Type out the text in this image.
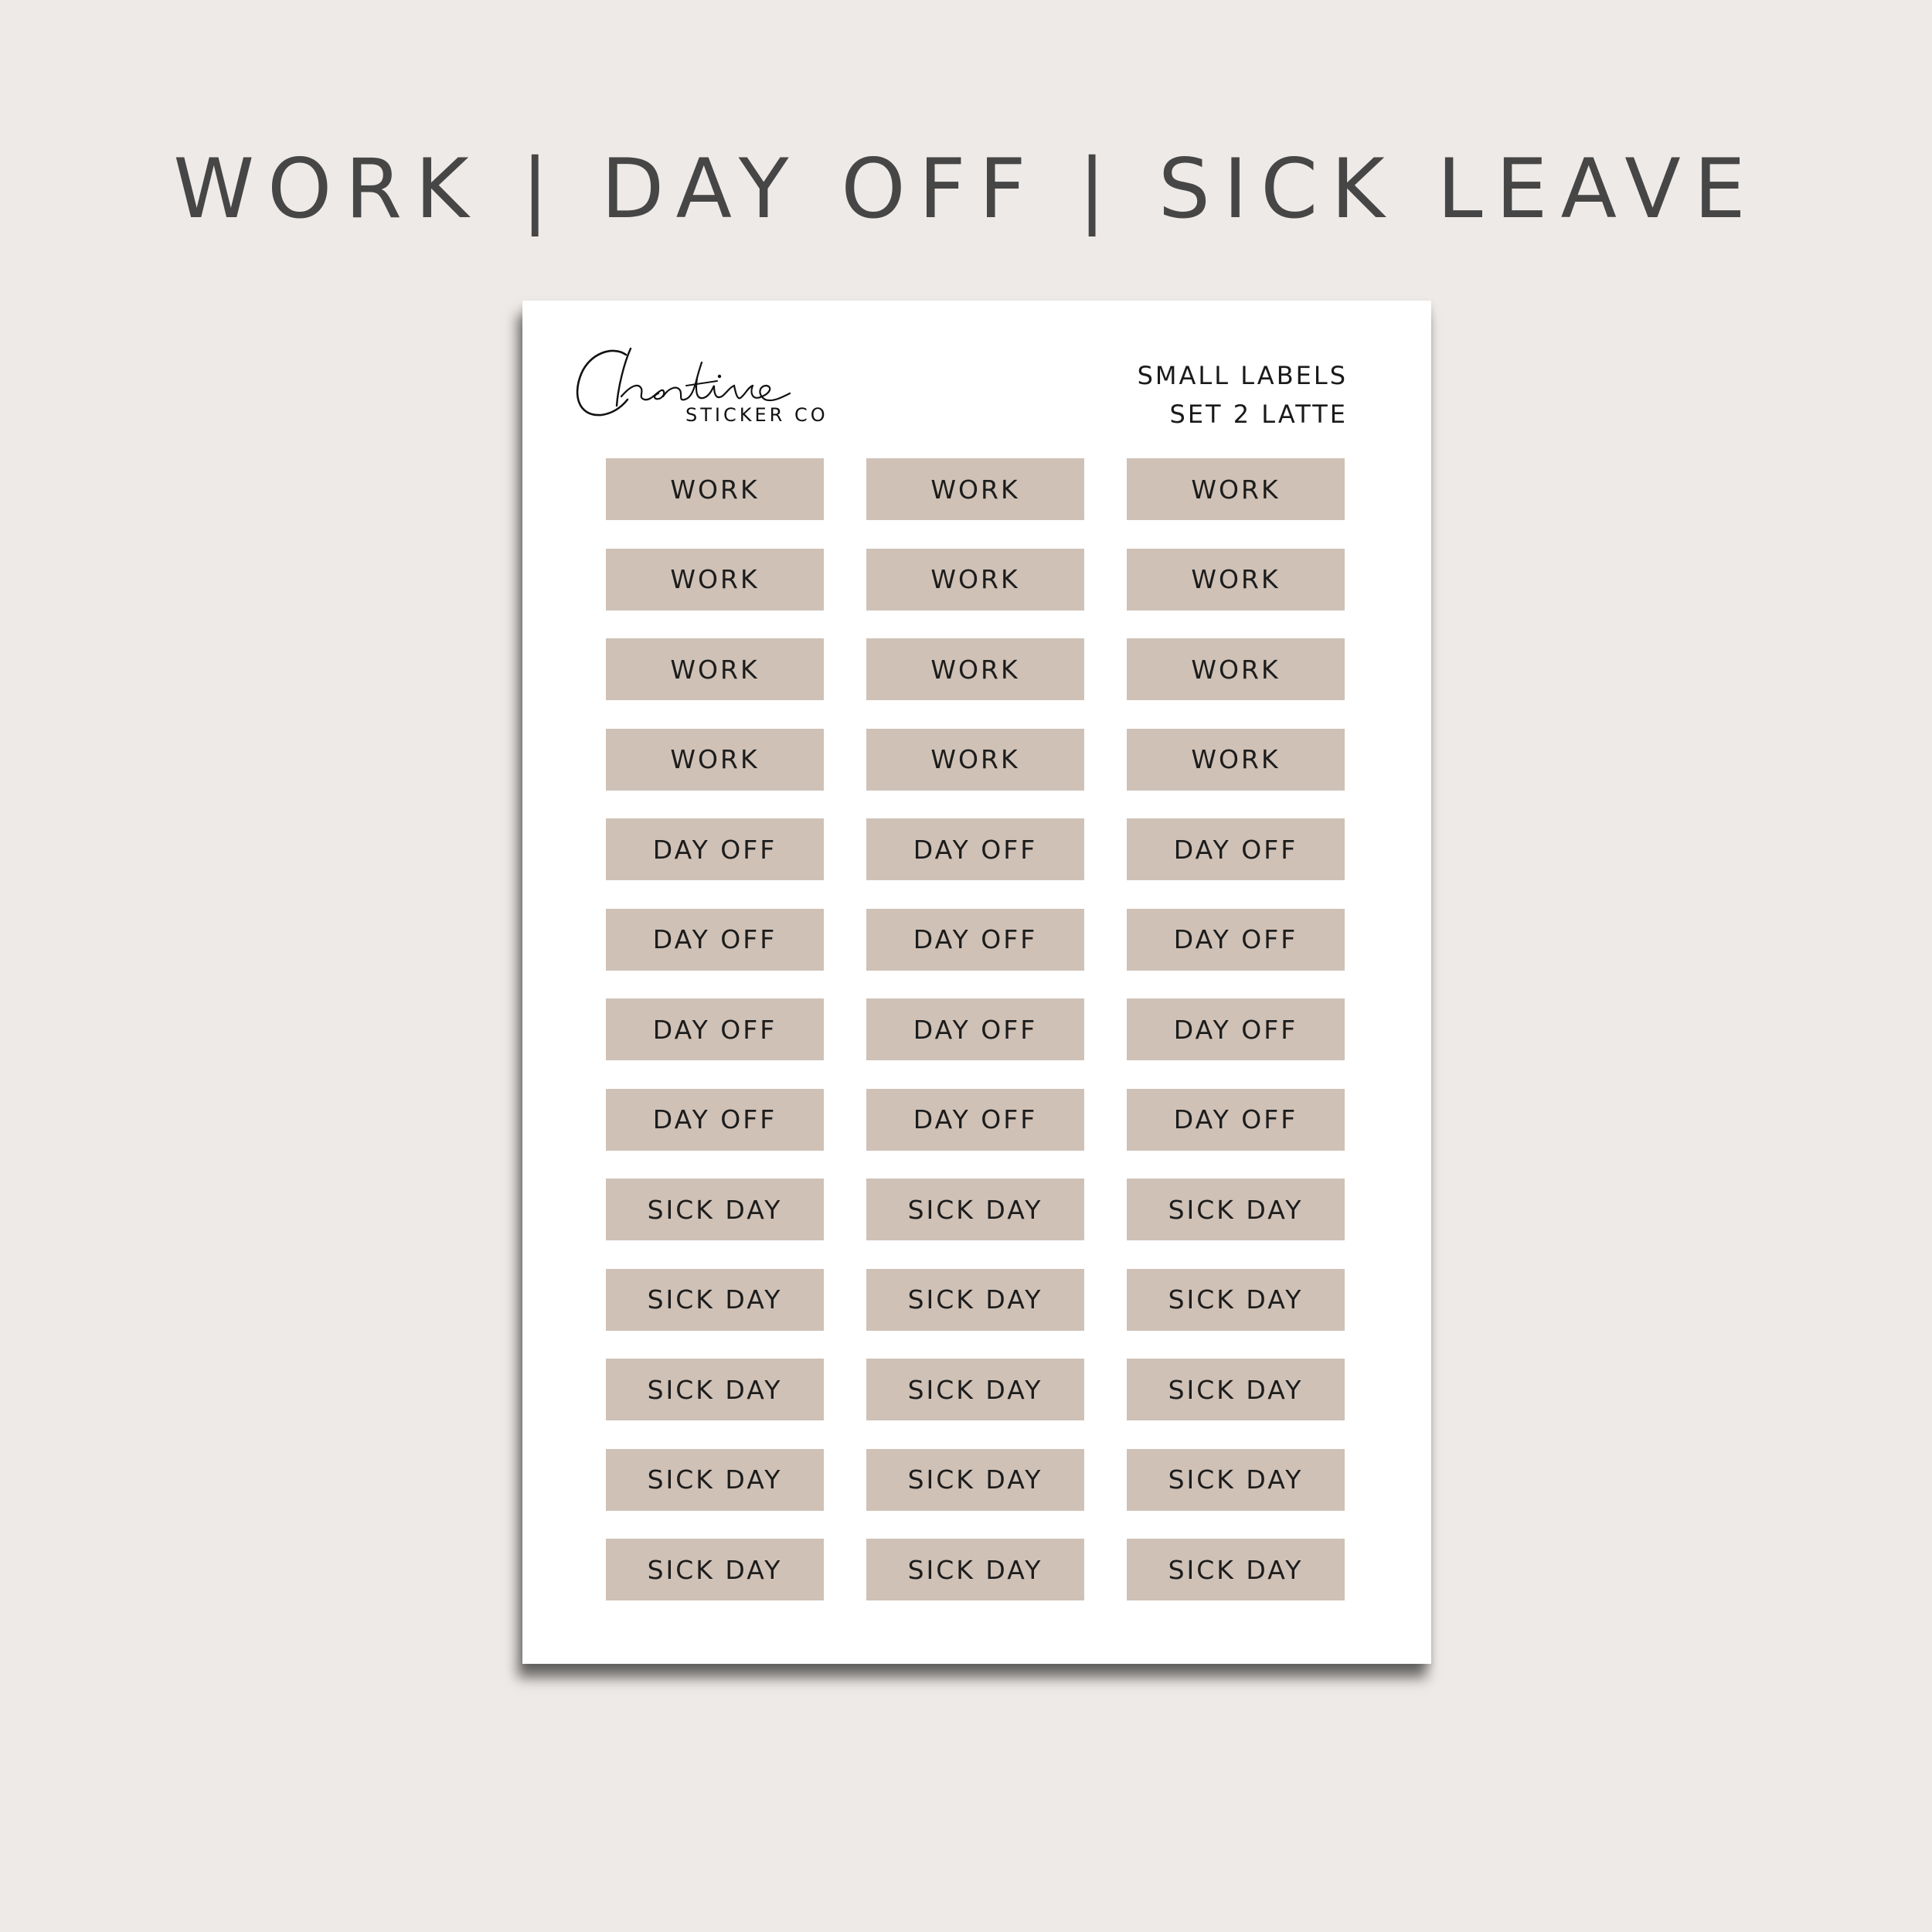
WORK | DAY OFF | SICK LEAVE
STICKER CO
SMALL LABELS
SET 2 LATTE
WORK	WORK	WORK
WORK	WORK	WORK
WORK	WORK	WORK
WORK	WORK	WORK
DAY OFF	DAY OFF	DAY OFF
DAY OFF	DAY OFF	DAY OFF
DAY OFF	DAY OFF	DAY OFF
DAY OFF	DAY OFF	DAY OFF
SICK DAY	SICK DAY	SICK DAY
SICK DAY	SICK DAY	SICK DAY
SICK DAY	SICK DAY	SICK DAY
SICK DAY	SICK DAY	SICK DAY
SICK DAY	SICK DAY	SICK DAY
